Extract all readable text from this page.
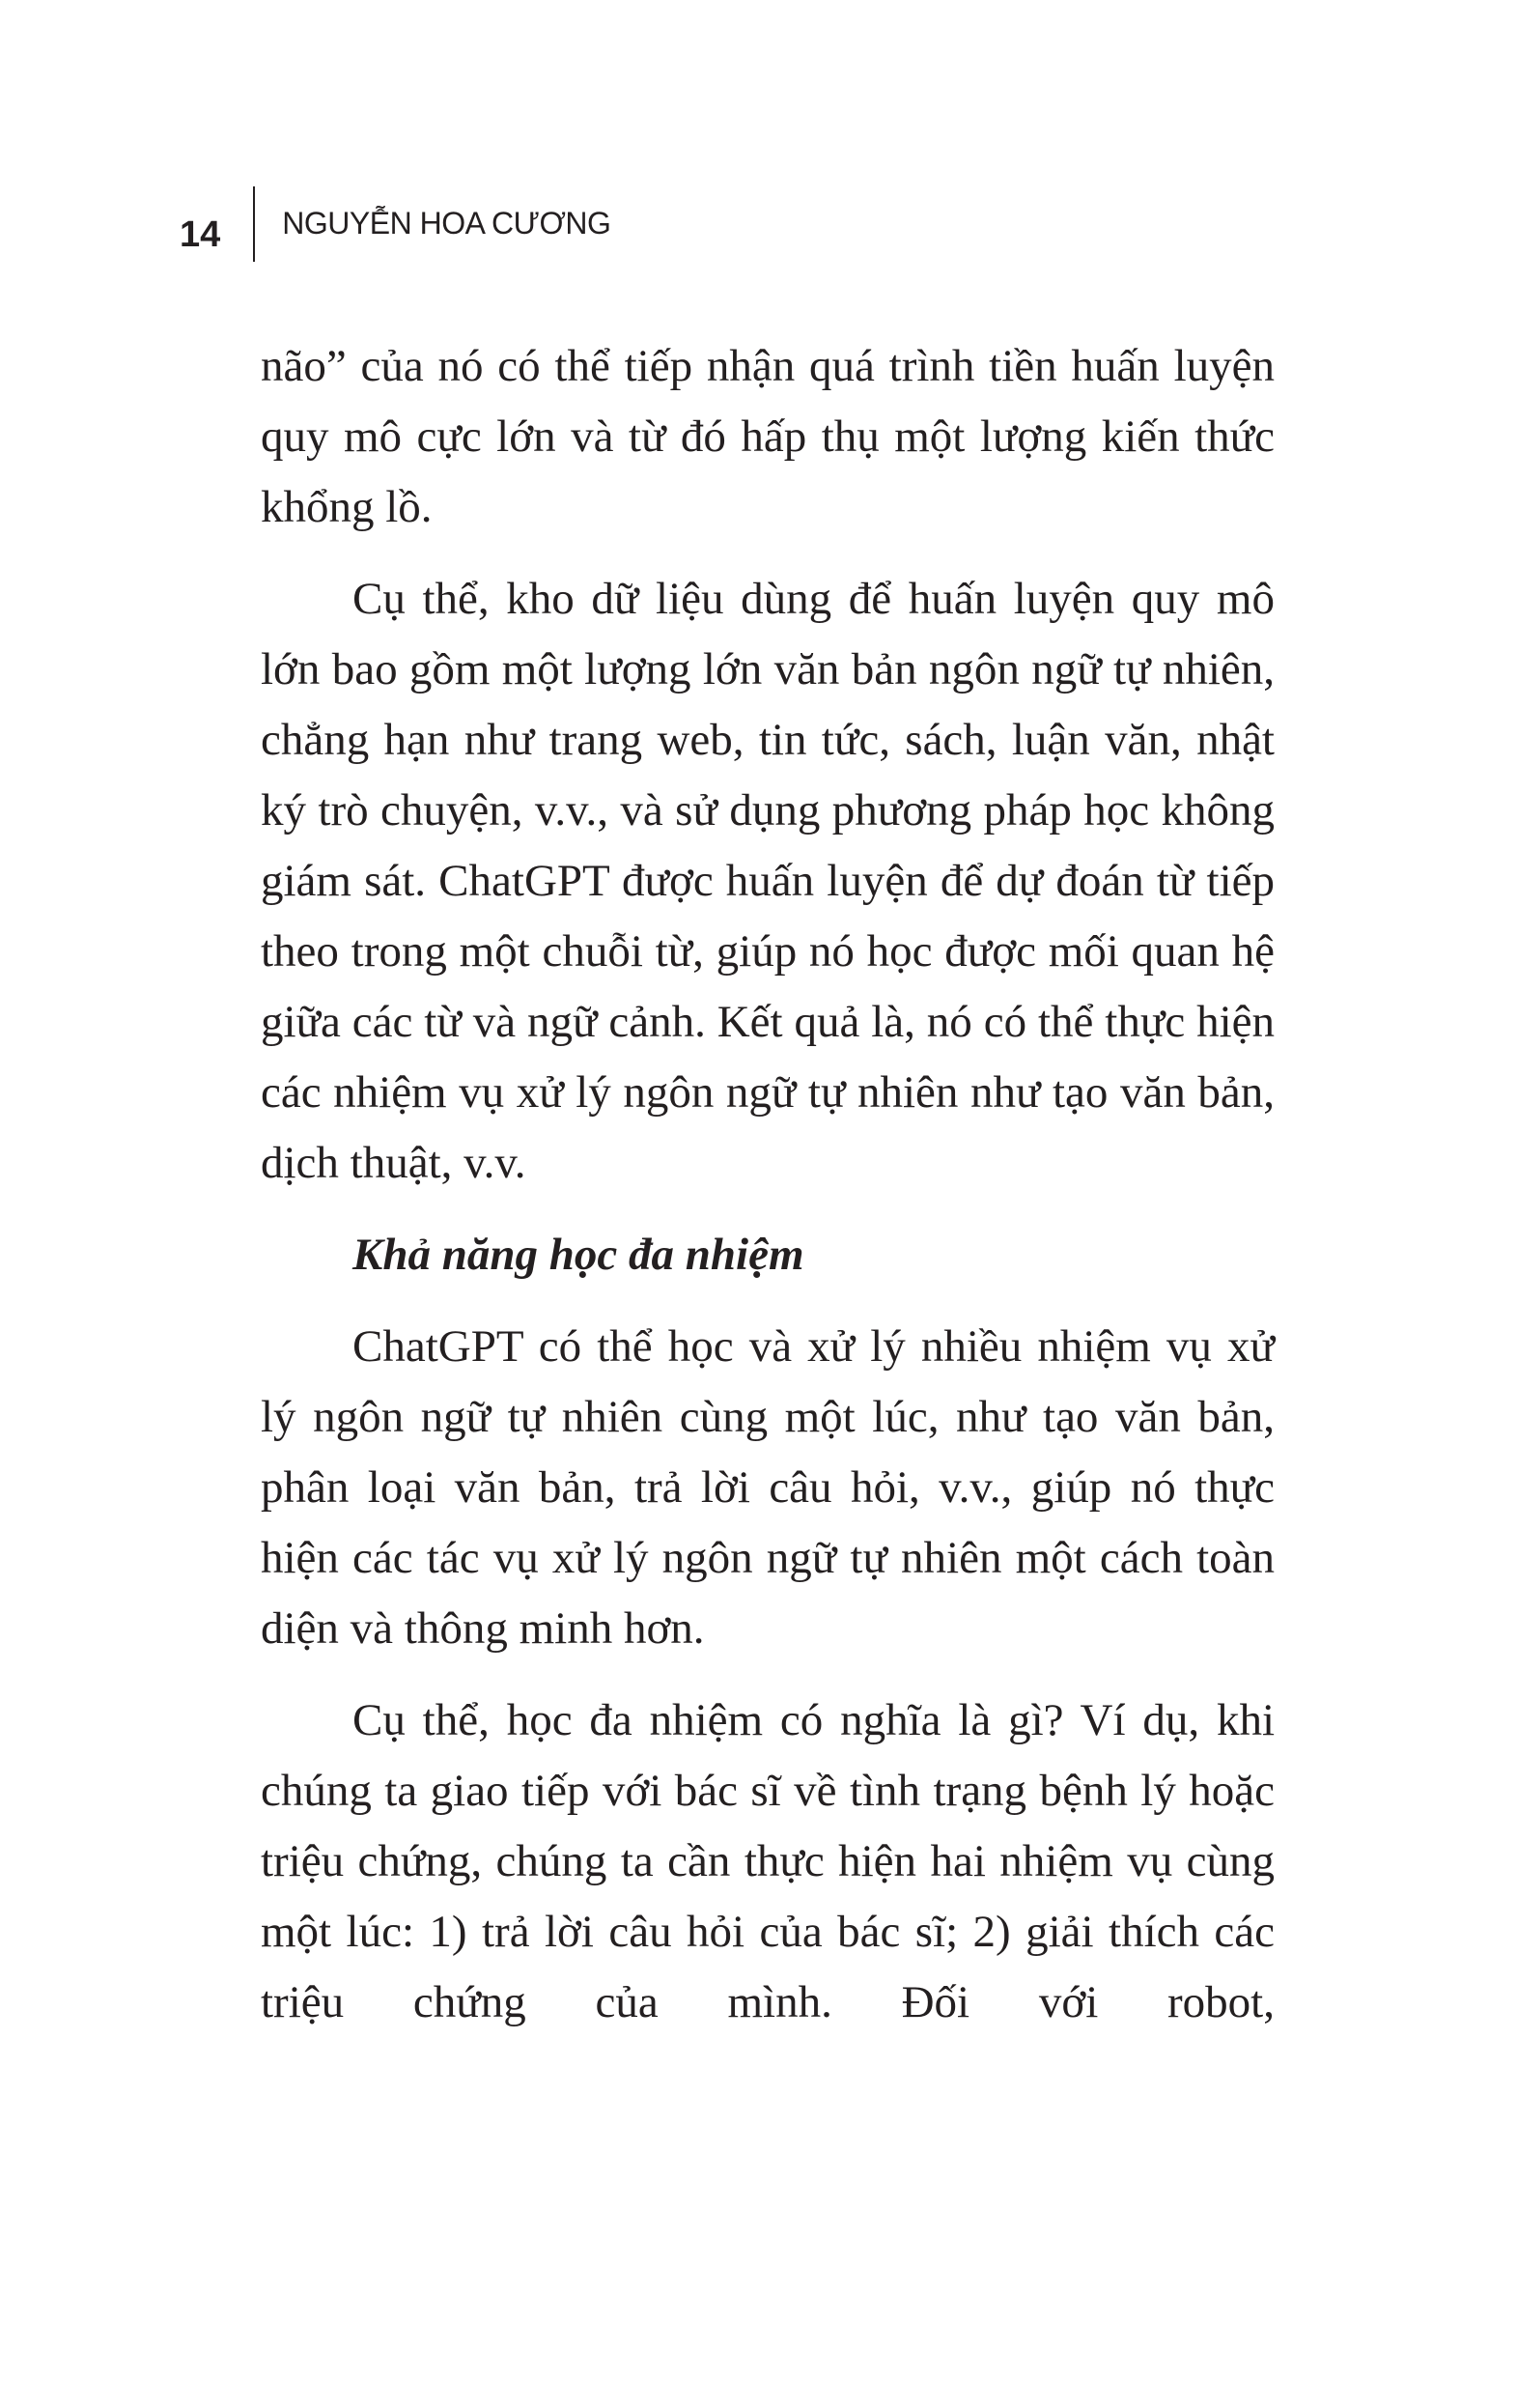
14 NGUYỄN HOA CƯƠNG

não” của nó có thể tiếp nhận quá trình tiền huấn luyện quy mô cực lớn và từ đó hấp thụ một lượng kiến thức khổng lồ.

Cụ thể, kho dữ liệu dùng để huấn luyện quy mô lớn bao gồm một lượng lớn văn bản ngôn ngữ tự nhiên, chẳng hạn như trang web, tin tức, sách, luận văn, nhật ký trò chuyện, v.v., và sử dụng phương pháp học không giám sát. ChatGPT được huấn luyện để dự đoán từ tiếp theo trong một chuỗi từ, giúp nó học được mối quan hệ giữa các từ và ngữ cảnh. Kết quả là, nó có thể thực hiện các nhiệm vụ xử lý ngôn ngữ tự nhiên như tạo văn bản, dịch thuật, v.v.

Khả năng học đa nhiệm

ChatGPT có thể học và xử lý nhiều nhiệm vụ xử lý ngôn ngữ tự nhiên cùng một lúc, như tạo văn bản, phân loại văn bản, trả lời câu hỏi, v.v., giúp nó thực hiện các tác vụ xử lý ngôn ngữ tự nhiên một cách toàn diện và thông minh hơn.

Cụ thể, học đa nhiệm có nghĩa là gì? Ví dụ, khi chúng ta giao tiếp với bác sĩ về tình trạng bệnh lý hoặc triệu chứng, chúng ta cần thực hiện hai nhiệm vụ cùng một lúc: 1) trả lời câu hỏi của bác sĩ; 2) giải thích các triệu chứng của mình. Đối với robot,
